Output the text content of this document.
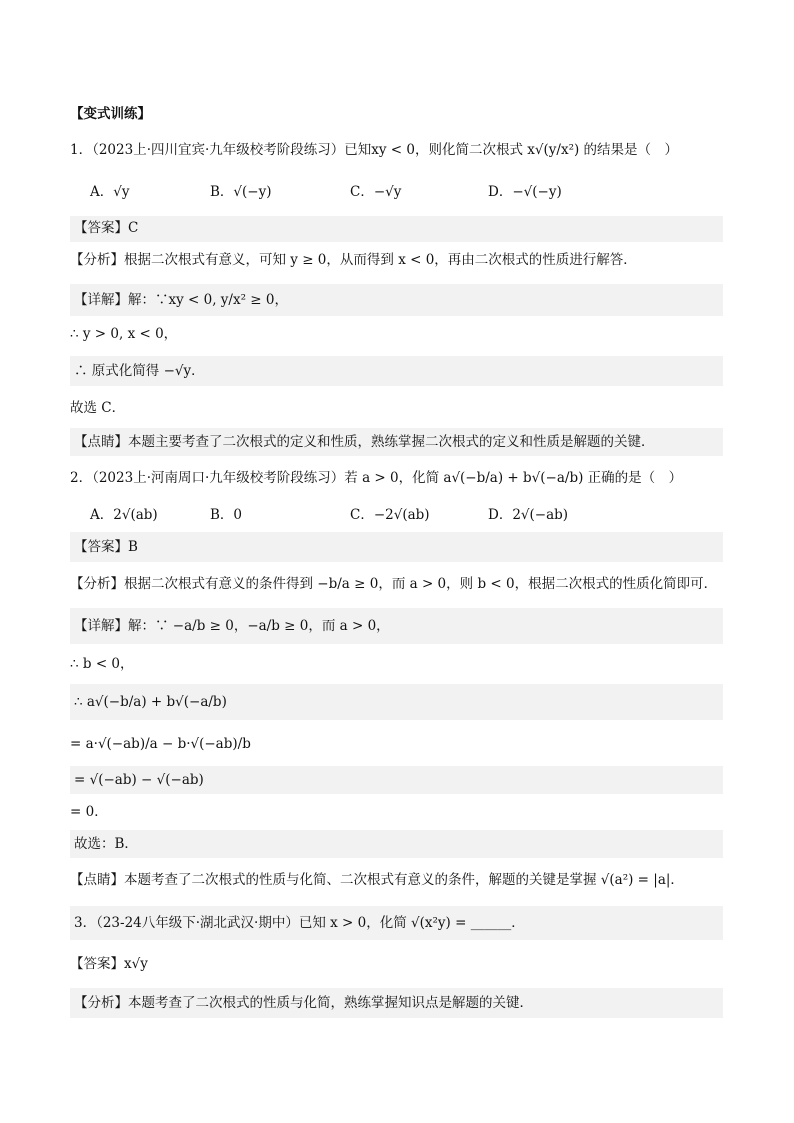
【变式训练】
1．（2023上·四川宜宾·九年级校考阶段练习）已知xy < 0，则化简二次根式 x√(y/x²) 的结果是（　）
A．√y	B．√(−y)	C．−√y	D．−√(−y)
【答案】C
【分析】根据二次根式有意义，可知 y ≥ 0，从而得到 x < 0，再由二次根式的性质进行解答．
【详解】解：∵xy < 0, y/x² ≥ 0，
∴ y > 0, x < 0，
∴ 原式化简得 −√y．
故选 C．
【点睛】本题主要考查了二次根式的定义和性质，熟练掌握二次根式的定义和性质是解题的关键．
2．（2023上·河南周口·九年级校考阶段练习）若 a > 0，化简 a√(−b/a) + b√(−a/b) 正确的是（　）
A．2√(ab)	B．0	C．−2√(ab)	D．2√(−ab)
【答案】B
【分析】根据二次根式有意义的条件得到 −b/a ≥ 0，而 a > 0，则 b < 0，根据二次根式的性质化简即可．
【详解】解：∵ −a/b ≥ 0，−a/b ≥ 0，而 a > 0，
∴ b < 0，
∴ a√(−b/a) + b√(−a/b)
= a·√(−ab)/a − b·√(−ab)/b
= √(−ab) − √(−ab)
= 0．
故选：B．
【点睛】本题考查了二次根式的性质与化简、二次根式有意义的条件，解题的关键是掌握 √(a²) = |a|．
3．（23-24八年级下·湖北武汉·期中）已知 x > 0，化简 √(x²y) = ______．
【答案】x√y
【分析】本题考查了二次根式的性质与化简，熟练掌握知识点是解题的关键．
